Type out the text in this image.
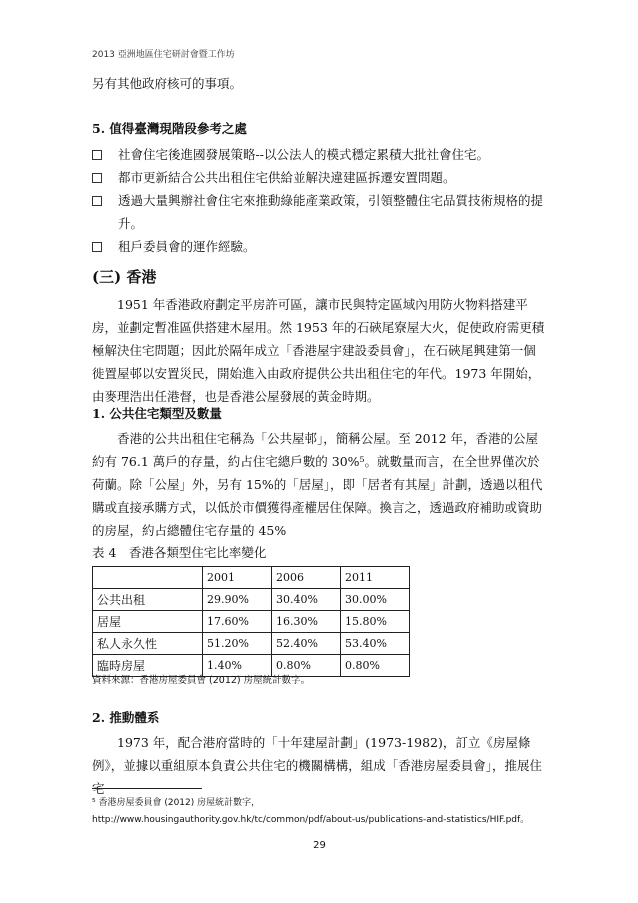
2013 亞洲地區住宅研討會暨工作坊
另有其他政府核可的事項。
5. 值得臺灣現階段參考之處
社會住宅後進國發展策略--以公法人的模式穩定累積大批社會住宅。
都市更新結合公共出租住宅供給並解決違建區拆遷安置問題。
透過大量興辦社會住宅來推動綠能產業政策，引領整體住宅品質技術規格的提升。
租戶委員會的運作經驗。
(三) 香港
1951 年香港政府劃定平房許可區，讓市民與特定區域內用防火物料搭建平房，並劃定暫准區供搭建木屋用。然 1953 年的石硤尾寮屋大火，促使政府需更積極解決住宅問題；因此於隔年成立「香港屋宇建設委員會」，在石硤尾興建第一個徙置屋邨以安置災民，開始進入由政府提供公共出租住宅的年代。1973 年開始，由麥理浩出任港督，也是香港公屋發展的黃金時期。
1. 公共住宅類型及數量
香港的公共出租住宅稱為「公共屋邨」，簡稱公屋。至 2012 年，香港的公屋約有 76.1 萬戶的存量，約占住宅總戶數的 30%⁵。就數量而言，在全世界僅次於荷蘭。除「公屋」外，另有 15%的「居屋」，即「居者有其屋」計劃，透過以租代購或直接承購方式，以低於市價獲得產權居住保障。換言之，透過政府補助或資助的房屋，約占總體住宅存量的 45%
表 4　香港各類型住宅比率變化
	2001	2006	2011
公共出租	29.90%	30.40%	30.00%
居屋	17.60%	16.30%	15.80%
私人永久性	51.20%	52.40%	53.40%
臨時房屋	1.40%	0.80%	0.80%
資料來源：香港房屋委員會 (2012) 房屋統計數字。
2. 推動體系
1973 年，配合港府當時的「十年建屋計劃」(1973-1982)，訂立《房屋條例》，並據以重組原本負責公共住宅的機關構構，組成「香港房屋委員會」，推展住宅
⁵ 香港房屋委員會 (2012) 房屋統計數字，
http://www.housingauthority.gov.hk/tc/common/pdf/about-us/publications-and-statistics/HIF.pdf。
29
